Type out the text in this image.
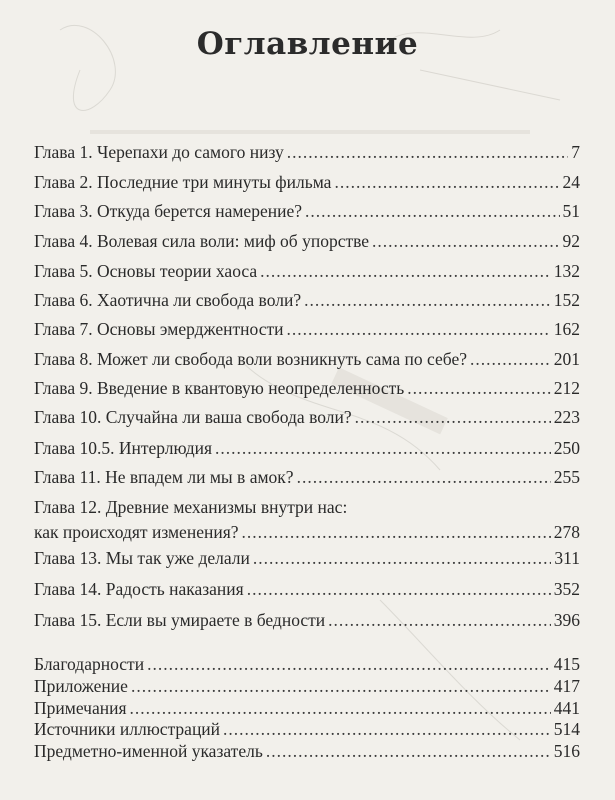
Оглавление
Глава 1. Черепахи до самого низу .....	7
Глава 2. Последние три минуты фильма .....	24
Глава 3. Откуда берется намерение? .....	51
Глава 4. Волевая сила воли: миф об упорстве .....	92
Глава 5. Основы теории хаоса .....	132
Глава 6. Хаотична ли свобода воли? .....	152
Глава 7. Основы эмерджентности .....	162
Глава 8. Может ли свобода воли возникнуть сама по себе? .....	201
Глава 9. Введение в квантовую неопределенность .....	212
Глава 10. Случайна ли ваша свобода воли? .....	223
Глава 10.5. Интерлюдия .....	250
Глава 11. Не впадем ли мы в амок? .....	255
Глава 12. Древние механизмы внутри нас:
как происходят изменения? .....	278
Глава 13. Мы так уже делали .....	311
Глава 14. Радость наказания .....	352
Глава 15. Если вы умираете в бедности .....	396
Благодарности .....	415
Приложение .....	417
Примечания .....	441
Источники иллюстраций .....	514
Предметно-именной указатель .....	516
